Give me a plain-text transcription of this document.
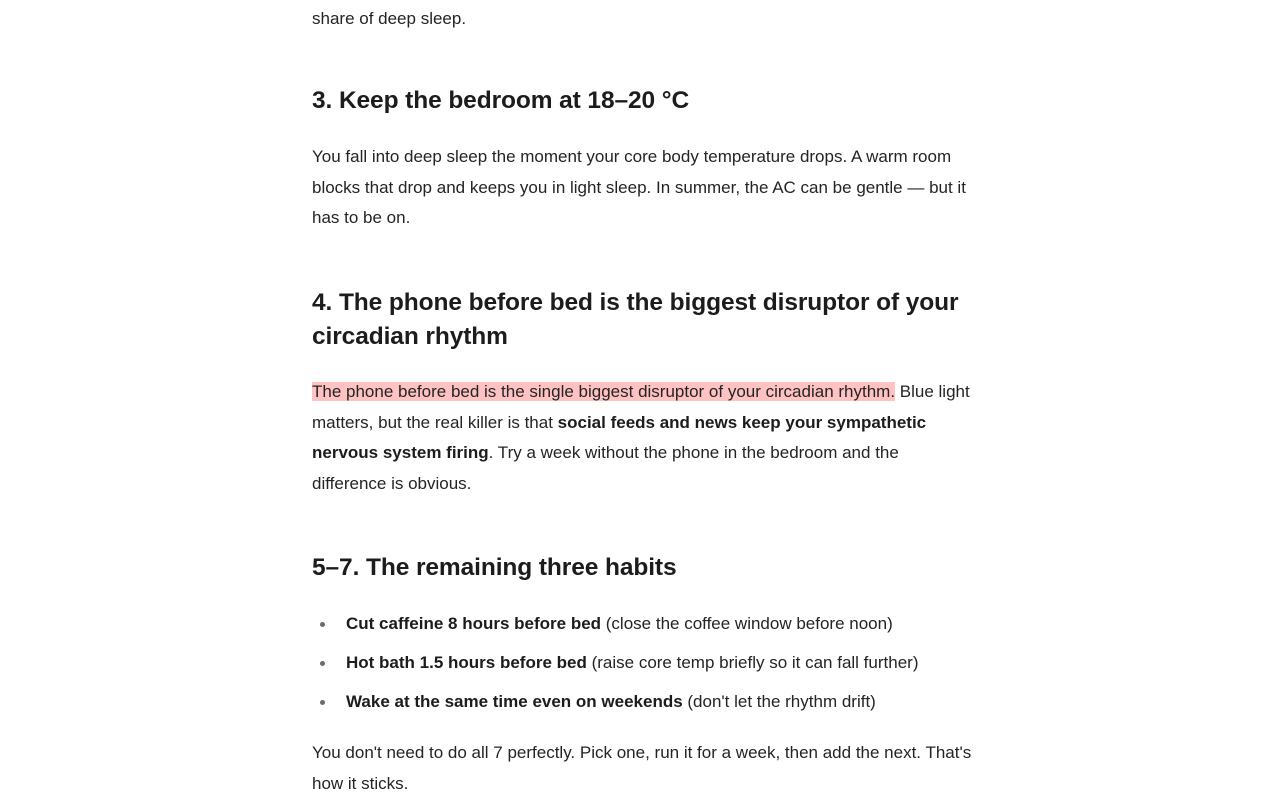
share of deep sleep.

3. Keep the bedroom at 18–20 °C

You fall into deep sleep the moment your core body temperature drops. A warm room blocks that drop and keeps you in light sleep. In summer, the AC can be gentle — but it has to be on.

4. The phone before bed is the biggest disruptor of your circadian rhythm

The phone before bed is the single biggest disruptor of your circadian rhythm. Blue light matters, but the real killer is that social feeds and news keep your sympathetic nervous system firing. Try a week without the phone in the bedroom and the difference is obvious.

5–7. The remaining three habits
Cut caffeine 8 hours before bed (close the coffee window before noon)
Hot bath 1.5 hours before bed (raise core temp briefly so it can fall further)
Wake at the same time even on weekends (don't let the rhythm drift)

You don't need to do all 7 perfectly. Pick one, run it for a week, then add the next. That's how it sticks.
